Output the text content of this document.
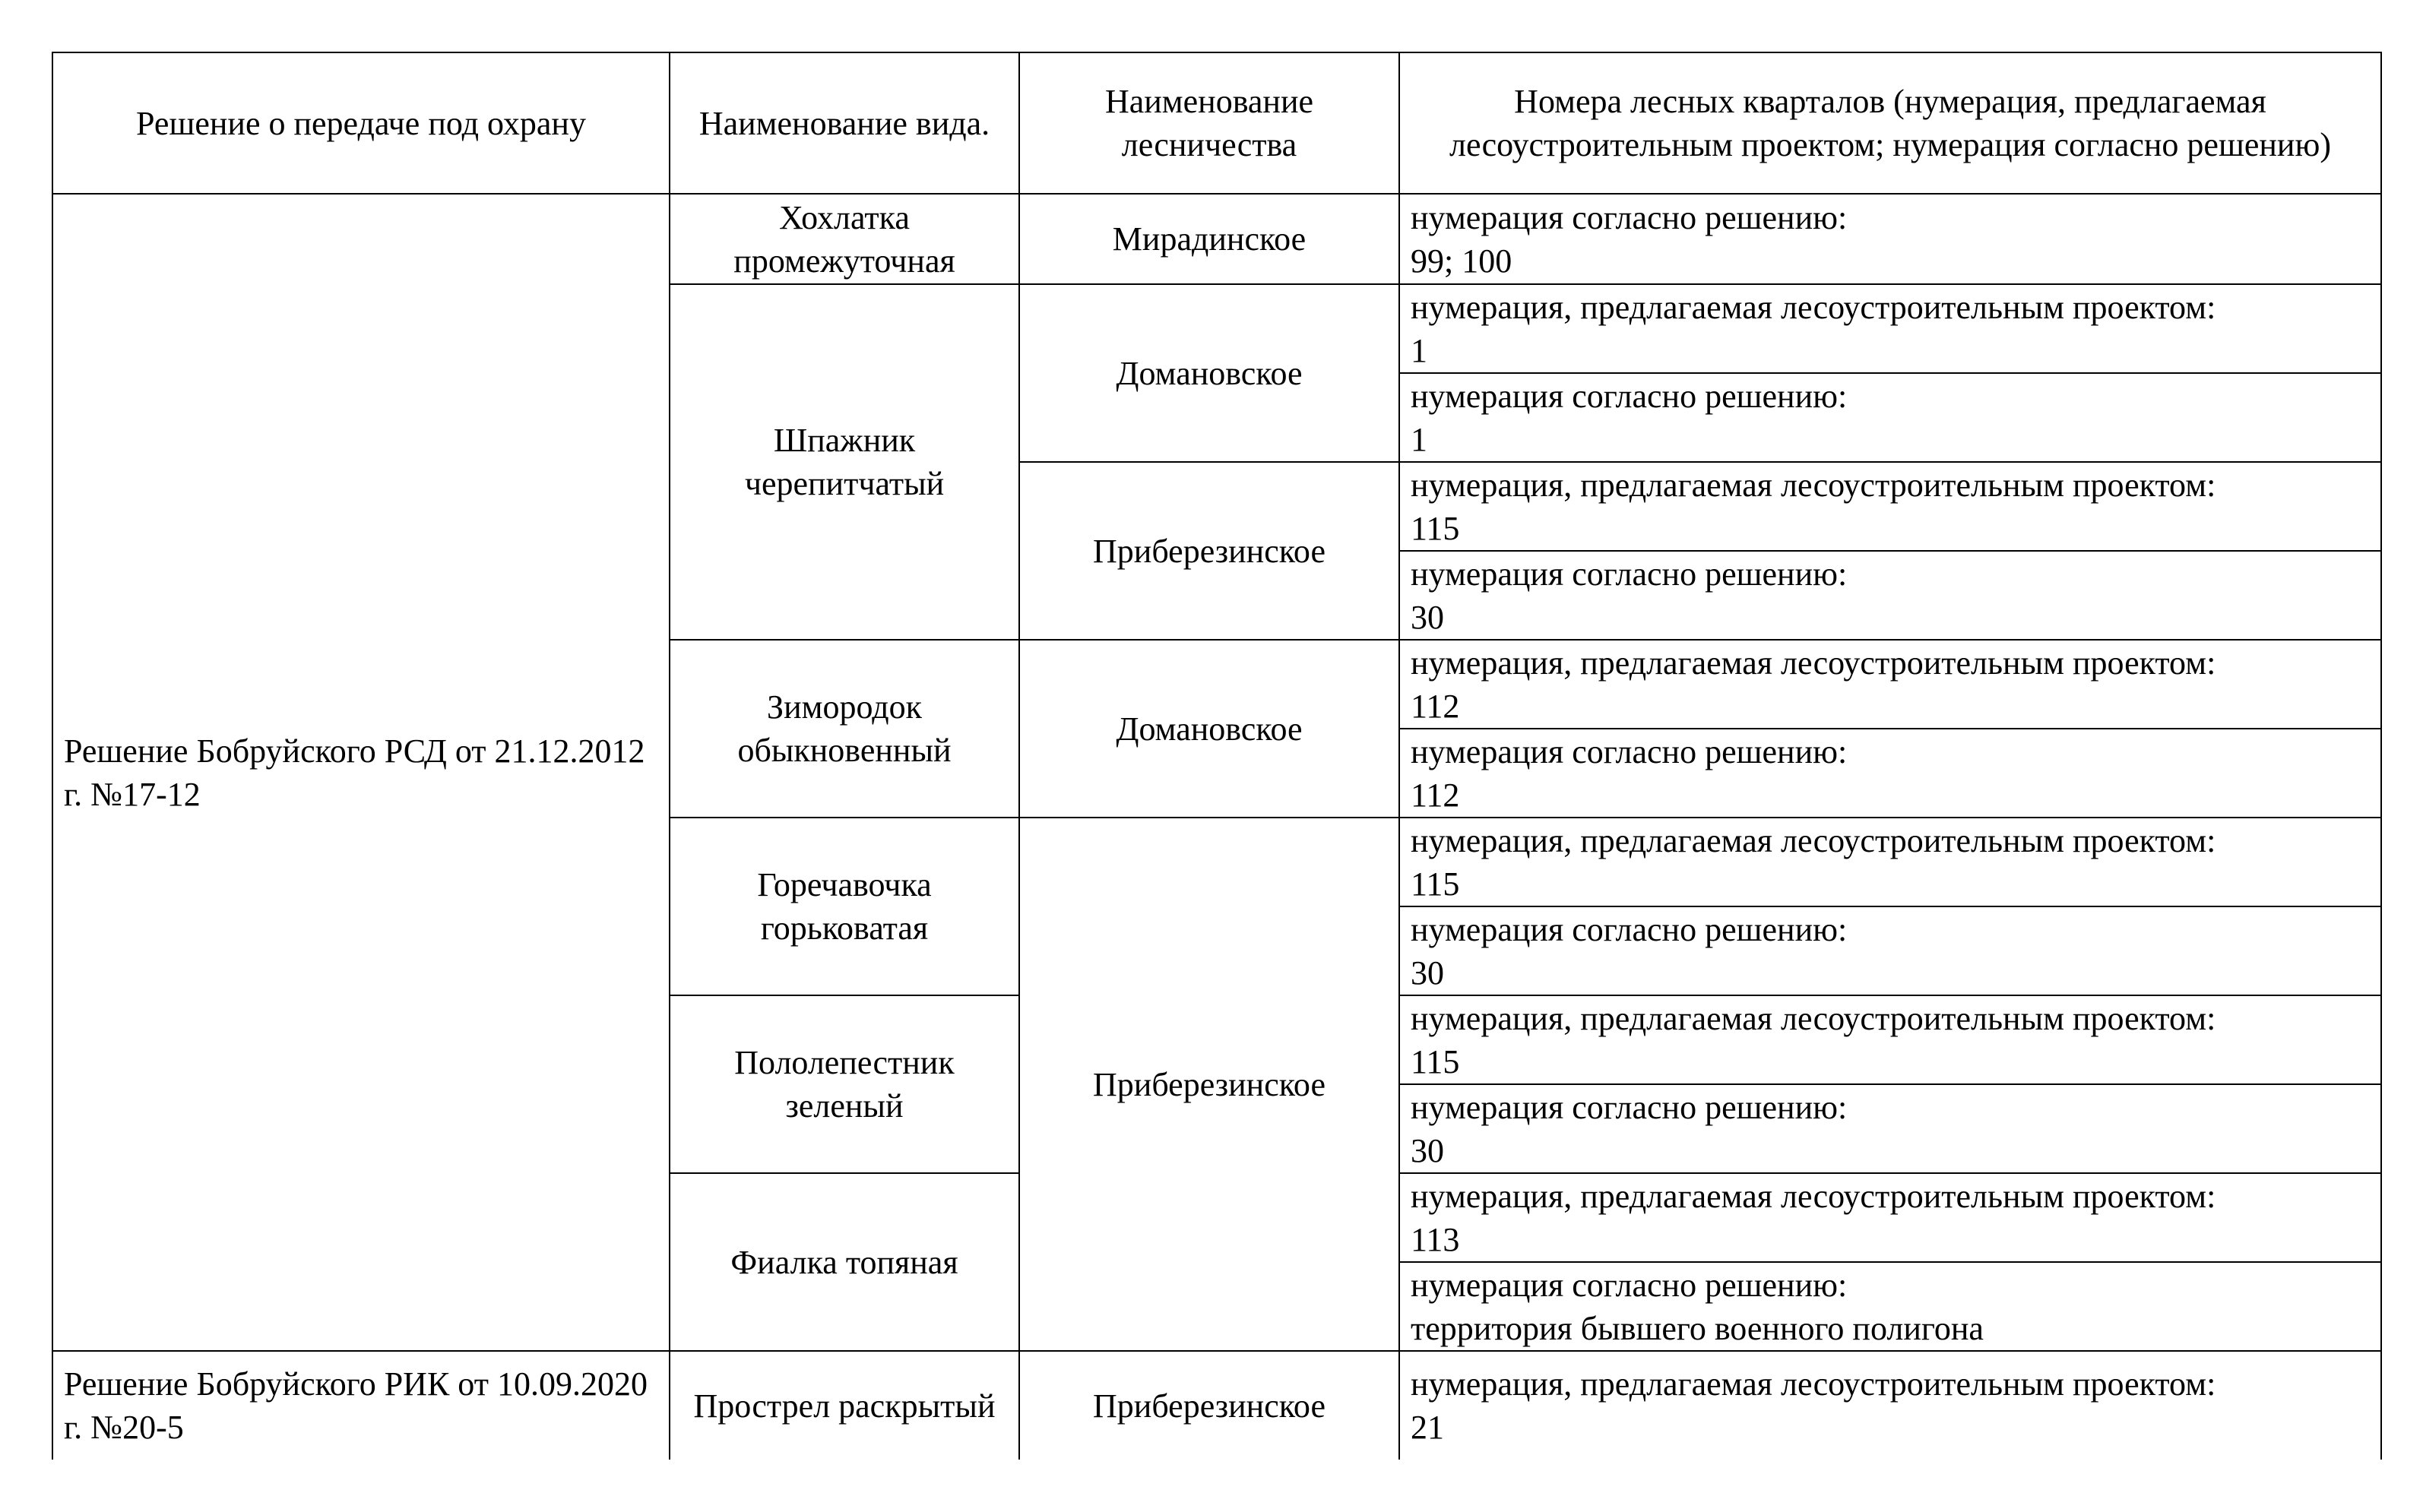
Решение о передаче под охрану	Наименование вида.	Наименование лесничества	Номера лесных кварталов (нумерация, предлагаемая лесоустроительным проектом; нумерация согласно решению)
Решение Бобруйского РСД от 21.12.2012 г. №17-12	Хохлатка промежуточная	Мирадинское	нумерация согласно решению:
99; 100

	Шпажник черепитчатый	Домановское	нумерация, предлагаемая лесоустроительным проектом:
1

			нумерация согласно решению:
1

		Приберезинское	нумерация, предлагаемая лесоустроительным проектом:
115

			нумерация согласно решению:
30

	Зимородок обыкновенный	Домановское	нумерация, предлагаемая лесоустроительным проектом:
112

			нумерация согласно решению:
112

	Горечавочка горьковатая	Приберезинское	нумерация, предлагаемая лесоустроительным проектом:
115

			нумерация согласно решению:
30

	Пололепестник зеленый		нумерация, предлагаемая лесоустроительным проектом:
115

			нумерация согласно решению:
30

	Фиалка топяная		нумерация, предлагаемая лесоустроительным проектом:
113

			нумерация согласно решению:
территория бывшего военного полигона

Решение Бобруйского РИК от 10.09.2020 г. №20-5	Прострел раскрытый	Приберезинское	нумерация, предлагаемая лесоустроительным проектом:
21
